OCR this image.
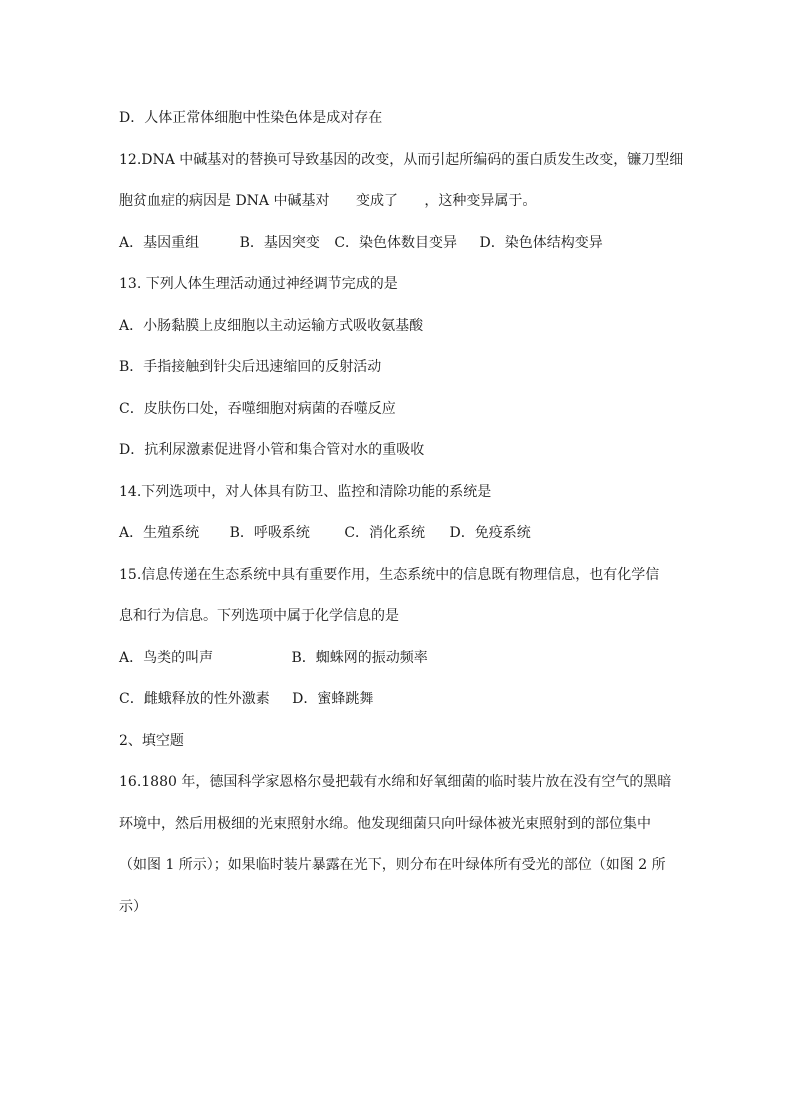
D．人体正常体细胞中性染色体是成对存在
12.DNA 中碱基对的替换可导致基因的改变，从而引起所编码的蛋白质发生改变，镰刀型细
胞贫血症的病因是 DNA 中碱基对 变成了 ，这种变异属于。
A．基因重组	B．基因突变 C．染色体数目变异 D．染色体结构变异
13. 下列人体生理活动通过神经调节完成的是
A．小肠黏膜上皮细胞以主动运输方式吸收氨基酸
B．手指接触到针尖后迅速缩回的反射活动
C．皮肤伤口处，吞噬细胞对病菌的吞噬反应
D．抗利尿激素促进肾小管和集合管对水的重吸收
14.下列选项中，对人体具有防卫、监控和清除功能的系统是
A．生殖系统 B．呼吸系统 C．消化系统 D．免疫系统
15.信息传递在生态系统中具有重要作用，生态系统中的信息既有物理信息，也有化学信
息和行为信息。下列选项中属于化学信息的是
A．鸟类的叫声	B．蜘蛛网的振动频率
C．雌蛾释放的性外激素 D．蜜蜂跳舞
2、填空题
16.1880 年，德国科学家恩格尔曼把载有水绵和好氧细菌的临时装片放在没有空气的黑暗
环境中，然后用极细的光束照射水绵。他发现细菌只向叶绿体被光束照射到的部位集中
（如图 1 所示）；如果临时装片暴露在光下，则分布在叶绿体所有受光的部位（如图 2 所
示）
